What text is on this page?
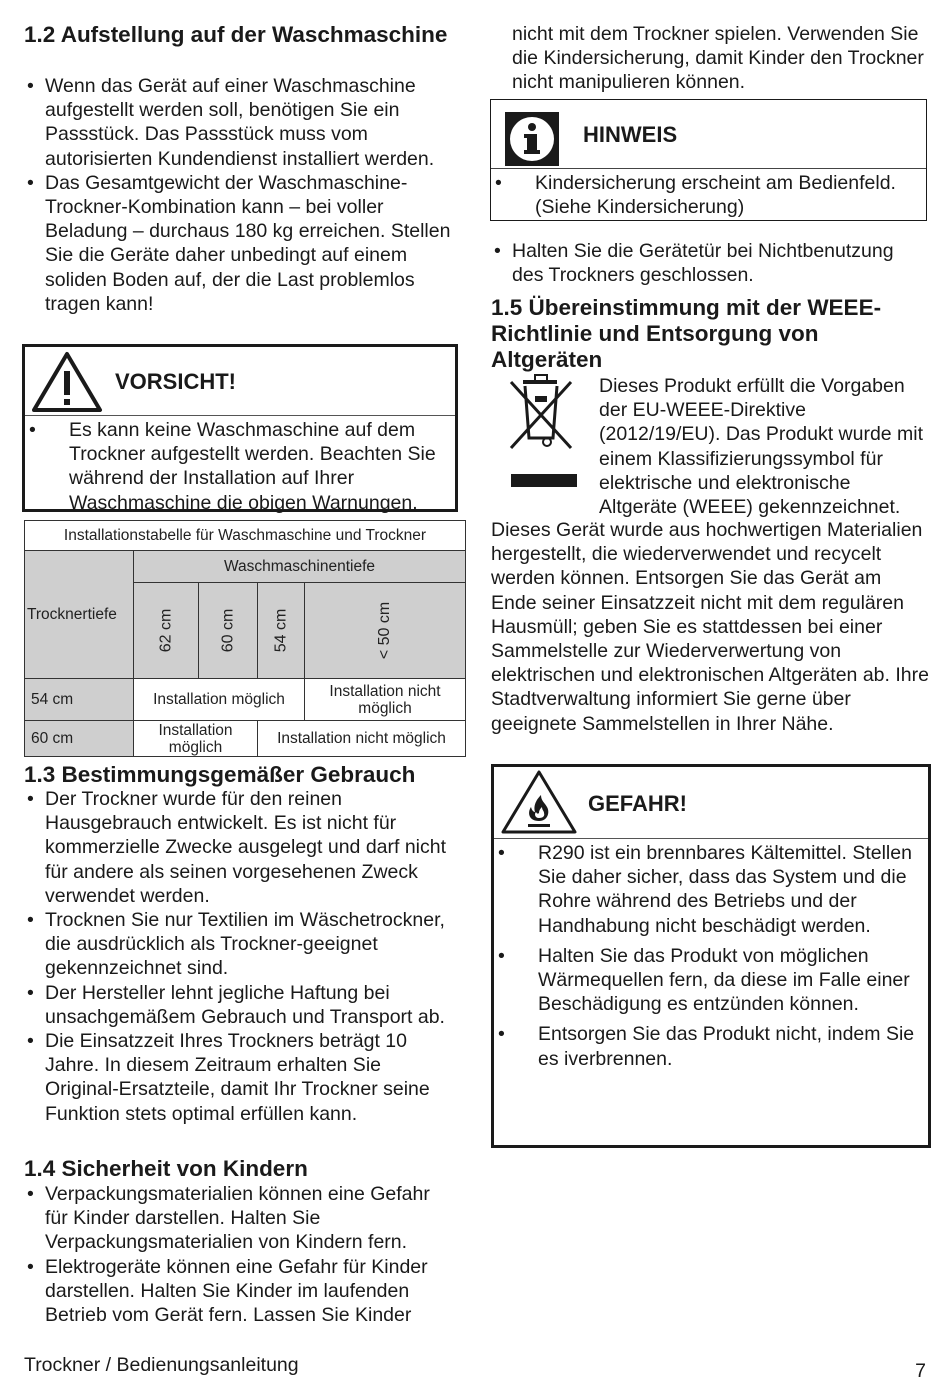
1.2 Aufstellung auf der Waschmaschine
• Wenn das Gerät auf einer Waschmaschine aufgestellt werden soll, benötigen Sie ein Passstück. Das Passstück muss vom autorisierten Kundendienst installiert werden.
• Das Gesamtgewicht der Waschmaschine-Trockner-Kombination kann – bei voller Beladung – durchaus 180 kg erreichen. Stellen Sie die Geräte daher unbedingt auf einem soliden Boden auf, der die Last problemlos tragen kann!
VORSICHT!
• Es kann keine Waschmaschine auf dem Trockner aufgestellt werden. Beachten Sie während der Installation auf Ihrer Waschmaschine die obigen Warnungen.
Installationstabelle für Waschmaschine und Trockner				
Trocknertiefe	Waschmaschinentiefe			
	62 cm	60 cm	54 cm	< 50 cm
54 cm	Installation möglich			Installation nicht möglich
60 cm	Installation möglich		Installation nicht möglich	
1.3 Bestimmungsgemäßer Gebrauch
• Der Trockner wurde für den reinen Hausgebrauch entwickelt. Es ist nicht für kommerzielle Zwecke ausgelegt und darf nicht für andere als seinen vorgesehenen Zweck verwendet werden.
• Trocknen Sie nur Textilien im Wäschetrockner, die ausdrücklich als Trockner-geeignet gekennzeichnet sind.
• Der Hersteller lehnt jegliche Haftung bei unsachgemäßem Gebrauch und Transport ab.
• Die Einsatzzeit Ihres Trockners beträgt 10 Jahre. In diesem Zeitraum erhalten Sie Original-Ersatzteile, damit Ihr Trockner seine Funktion stets optimal erfüllen kann.
1.4 Sicherheit von Kindern
• Verpackungsmaterialien können eine Gefahr für Kinder darstellen. Halten Sie Verpackungsmaterialien von Kindern fern.
• Elektrogeräte können eine Gefahr für Kinder darstellen. Halten Sie Kinder im laufenden Betrieb vom Gerät fern. Lassen Sie Kinder

nicht mit dem Trockner spielen. Verwenden Sie die Kindersicherung, damit Kinder den Trockner nicht manipulieren können.

HINWEIS
• Kindersicherung erscheint am Bedienfeld. (Siehe Kindersicherung)
• Halten Sie die Gerätetür bei Nichtbenutzung des Trockners geschlossen.
1.5 Übereinstimmung mit der WEEE-Richtlinie und Entsorgung von Altgeräten

Dieses Produkt erfüllt die Vorgaben der EU-WEEE-Direktive (2012/19/EU). Das Produkt wurde mit einem Klassifizierungssymbol für elektrische und elektronische Altgeräte (WEEE) gekennzeichnet.

Dieses Gerät wurde aus hochwertigen Materialien hergestellt, die wiederverwendet und recycelt werden können. Entsorgen Sie das Gerät am Ende seiner Einsatzzeit nicht mit dem regulären Hausmüll; geben Sie es stattdessen bei einer Sammelstelle zur Wiederverwertung von elektrischen und elektronischen Altgeräten ab. Ihre Stadtverwaltung informiert Sie gerne über geeignete Sammelstellen in Ihrer Nähe.

GEFAHR!
• R290 ist ein brennbares Kältemittel. Stellen Sie daher sicher, dass das System und die Rohre während des Betriebs und der Handhabung nicht beschädigt werden.
• Halten Sie das Produkt von möglichen Wärmequellen fern, da diese im Falle einer Beschädigung es entzünden können.
• Entsorgen Sie das Produkt nicht, indem Sie es iverbrennen.
Trockner / Bedienungsanleitung	7
